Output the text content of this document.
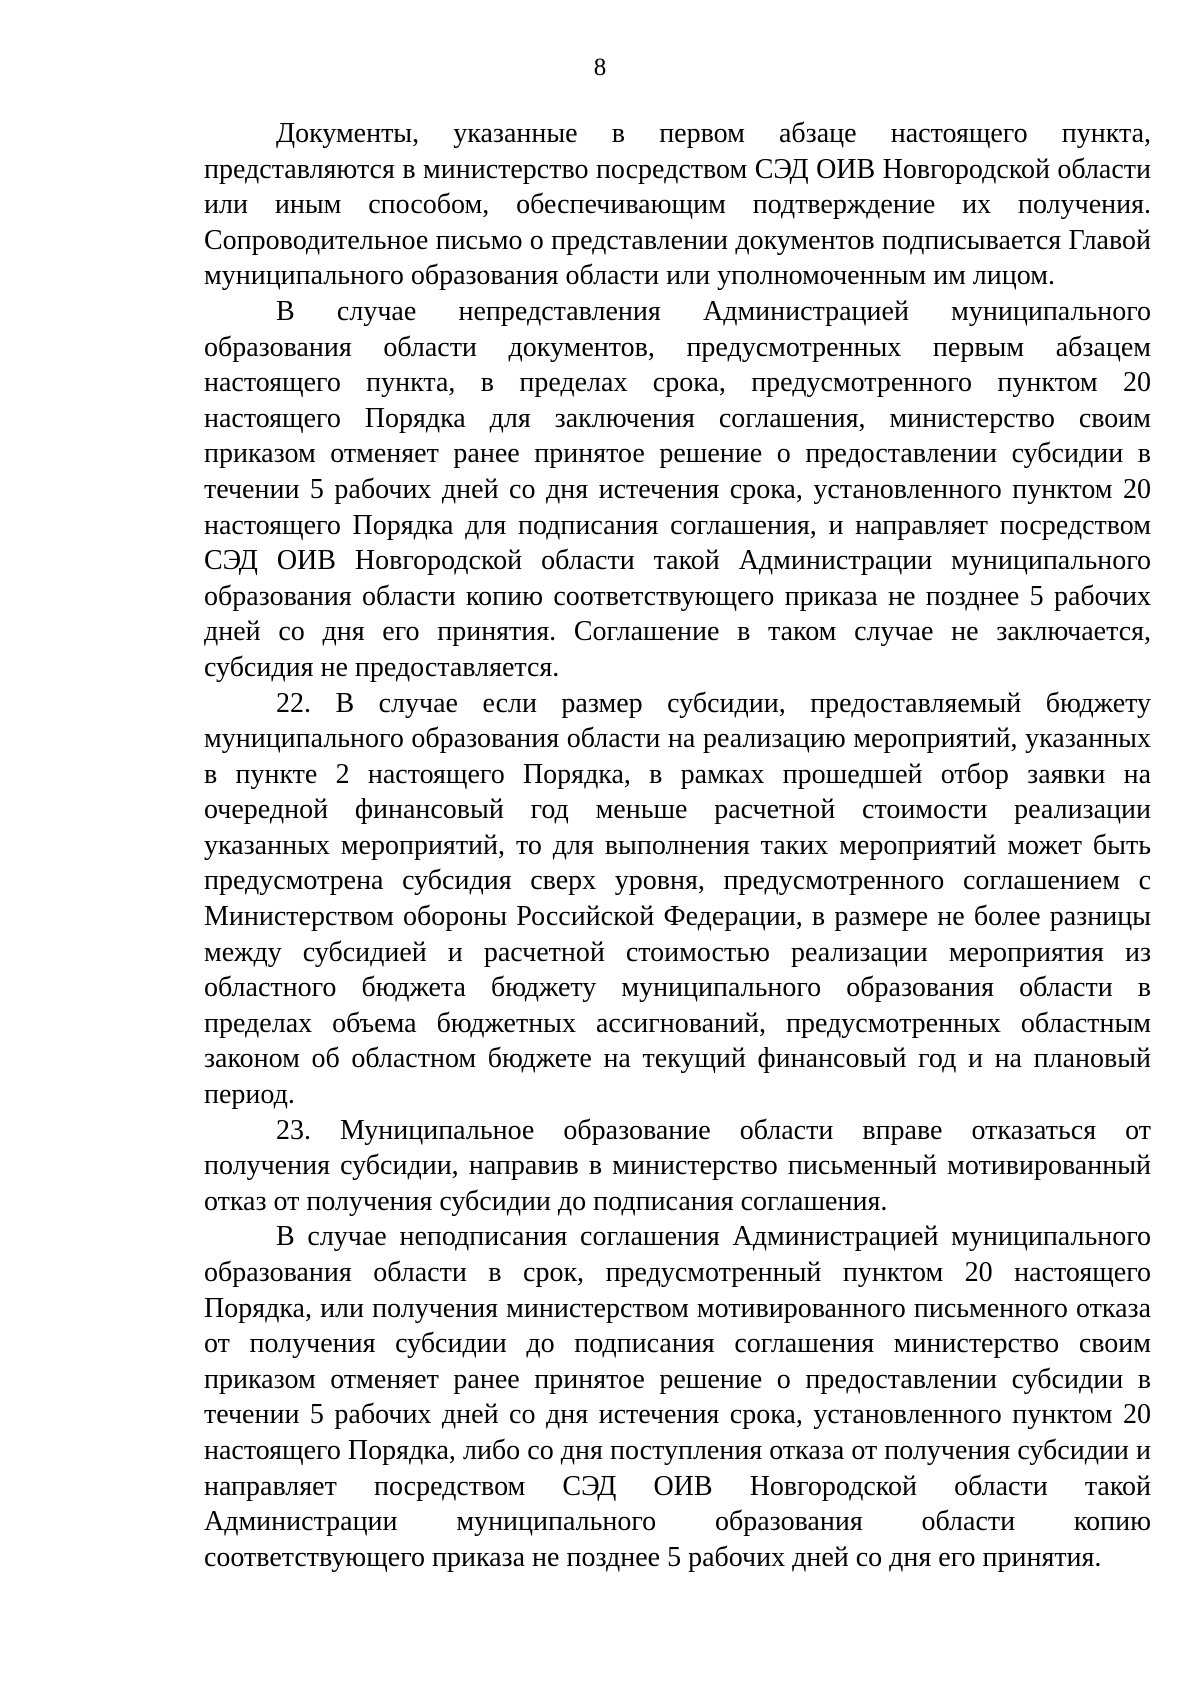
8

Документы, указанные в первом абзаце настоящего пункта, представляются в министерство посредством СЭД ОИВ Новгородской области или иным способом, обеспечивающим подтверждение их получения. Сопроводительное письмо о представлении документов подписывается Главой муниципального образования области или уполномоченным им лицом.

В случае непредставления Администрацией муниципального образования области документов, предусмотренных первым абзацем настоящего пункта, в пределах срока, предусмотренного пунктом 20 настоящего Порядка для заключения соглашения, министерство своим приказом отменяет ранее принятое решение о предоставлении субсидии в течении 5 рабочих дней со дня истечения срока, установленного пунктом 20 настоящего Порядка для подписания соглашения, и направляет посредством СЭД ОИВ Новгородской области такой Администрации муниципального образования области копию соответствующего приказа не позднее 5 рабочих дней со дня его принятия. Соглашение в таком случае не заключается, субсидия не предоставляется.

22. В случае если размер субсидии, предоставляемый бюджету муниципального образования области на реализацию мероприятий, указанных в пункте 2 настоящего Порядка, в рамках прошедшей отбор заявки на очередной финансовый год меньше расчетной стоимости реализации указанных мероприятий, то для выполнения таких мероприятий может быть предусмотрена субсидия сверх уровня, предусмотренного соглашением с Министерством обороны Российской Федерации, в размере не более разницы между субсидией и расчетной стоимостью реализации мероприятия из областного бюджета бюджету муниципального образования области в пределах объема бюджетных ассигнований, предусмотренных областным законом об областном бюджете на текущий финансовый год и на плановый период.

23. Муниципальное образование области вправе отказаться от получения субсидии, направив в министерство письменный мотивированный отказ от получения субсидии до подписания соглашения.

В случае неподписания соглашения Администрацией муниципального образования области в срок, предусмотренный пунктом 20 настоящего Порядка, или получения министерством мотивированного письменного отказа от получения субсидии до подписания соглашения министерство своим приказом отменяет ранее принятое решение о предоставлении субсидии в течении 5 рабочих дней со дня истечения срока, установленного пунктом 20 настоящего Порядка, либо со дня поступления отказа от получения субсидии и направляет посредством СЭД ОИВ Новгородской области такой Администрации муниципального образования области копию соответствующего приказа не позднее 5 рабочих дней со дня его принятия.
